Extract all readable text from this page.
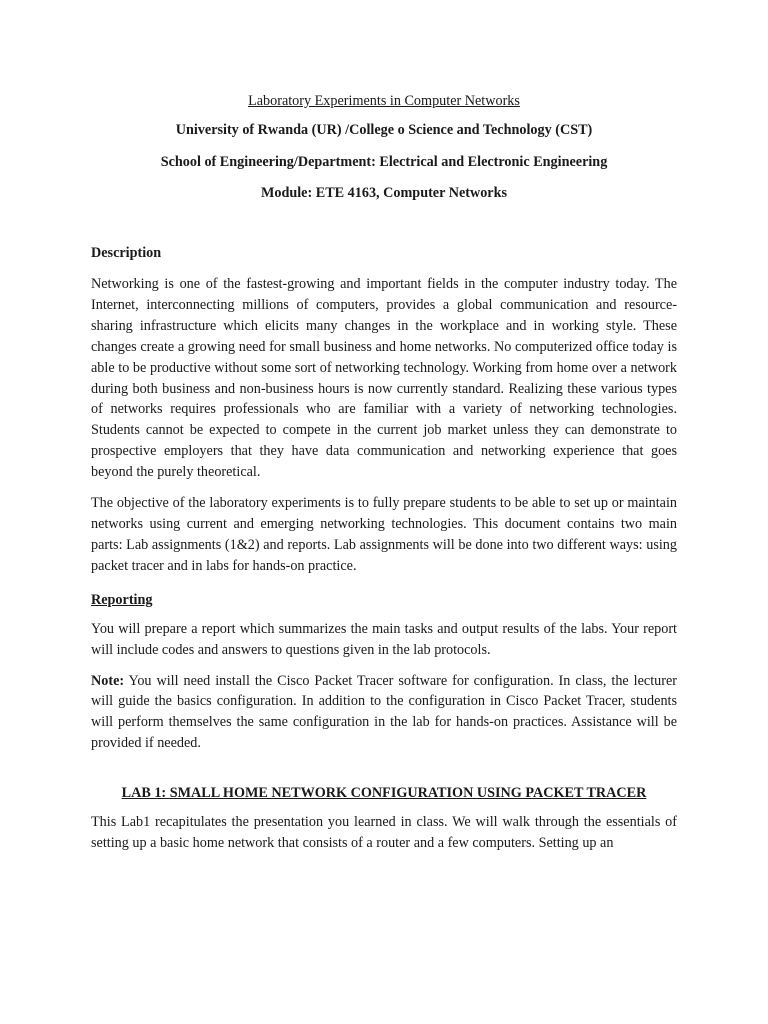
Laboratory Experiments in Computer Networks

University of Rwanda (UR) /College o Science and Technology (CST)

School of Engineering/Department: Electrical and Electronic Engineering

Module: ETE 4163, Computer Networks

Description

Networking is one of the fastest-growing and important fields in the computer industry today. The Internet, interconnecting millions of computers, provides a global communication and resource-sharing infrastructure which elicits many changes in the workplace and in working style. These changes create a growing need for small business and home networks. No computerized office today is able to be productive without some sort of networking technology. Working from home over a network during both business and non-business hours is now currently standard. Realizing these various types of networks requires professionals who are familiar with a variety of networking technologies. Students cannot be expected to compete in the current job market unless they can demonstrate to prospective employers that they have data communication and networking experience that goes beyond the purely theoretical.

The objective of the laboratory experiments is to fully prepare students to be able to set up or maintain networks using current and emerging networking technologies. This document contains two main parts: Lab assignments (1&2) and reports. Lab assignments will be done into two different ways: using packet tracer and in labs for hands-on practice.

Reporting

You will prepare a report which summarizes the main tasks and output results of the labs. Your report will include codes and answers to questions given in the lab protocols.

Note: You will need install the Cisco Packet Tracer software for configuration. In class, the lecturer will guide the basics configuration. In addition to the configuration in Cisco Packet Tracer, students will perform themselves the same configuration in the lab for hands-on practices. Assistance will be provided if needed.

LAB 1: SMALL HOME NETWORK CONFIGURATION USING PACKET TRACER

This Lab1 recapitulates the presentation you learned in class. We will walk through the essentials of setting up a basic home network that consists of a router and a few computers. Setting up an
